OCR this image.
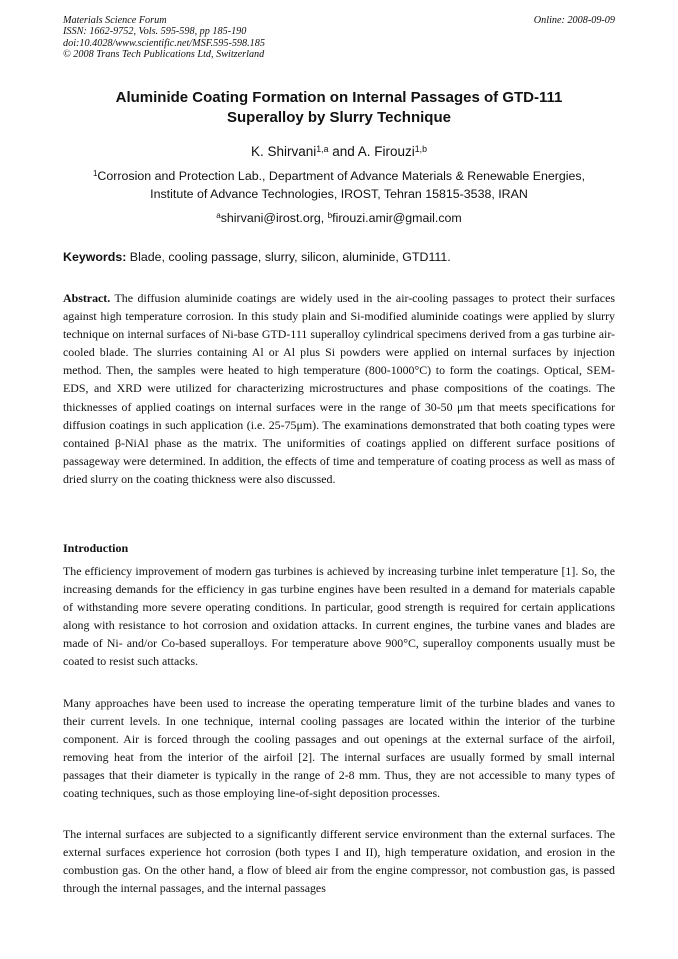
Materials Science Forum
ISSN: 1662-9752, Vols. 595-598, pp 185-190
doi:10.4028/www.scientific.net/MSF.595-598.185
© 2008 Trans Tech Publications Ltd, Switzerland
Online: 2008-09-09
Aluminide Coating Formation on Internal Passages of GTD-111
Superalloy by Slurry Technique
K. Shirvani$^{1,a}$ and A. Firouzi$^{1,b}$
$^1$Corrosion and Protection Lab., Department of Advance Materials & Renewable Energies,
Institute of Advance Technologies, IROST, Tehran 15815-3538, IRAN
$^a$shirvani@irost.org, $^b$firouzi.amir@gmail.com
Keywords: Blade, cooling passage, slurry, silicon, aluminide, GTD111.
Abstract. The diffusion aluminide coatings are widely used in the air-cooling passages to protect their surfaces against high temperature corrosion. In this study plain and Si-modified aluminide coatings were applied by slurry technique on internal surfaces of Ni-base GTD-111 superalloy cylindrical specimens derived from a gas turbine air-cooled blade. The slurries containing Al or Al plus Si powders were applied on internal surfaces by injection method. Then, the samples were heated to high temperature (800-1000°C) to form the coatings. Optical, SEM-EDS, and XRD were utilized for characterizing microstructures and phase compositions of the coatings. The thicknesses of applied coatings on internal surfaces were in the range of 30-50 μm that meets specifications for diffusion coatings in such application (i.e. 25-75μm). The examinations demonstrated that both coating types were contained β-NiAl phase as the matrix. The uniformities of coatings applied on different surface positions of passageway were determined. In addition, the effects of time and temperature of coating process as well as mass of dried slurry on the coating thickness were also discussed.
Introduction
The efficiency improvement of modern gas turbines is achieved by increasing turbine inlet temperature [1]. So, the increasing demands for the efficiency in gas turbine engines have been resulted in a demand for materials capable of withstanding more severe operating conditions. In particular, good strength is required for certain applications along with resistance to hot corrosion and oxidation attacks. In current engines, the turbine vanes and blades are made of Ni- and/or Co-based superalloys. For temperature above 900°C, superalloy components usually must be coated to resist such attacks.
Many approaches have been used to increase the operating temperature limit of the turbine blades and vanes to their current levels. In one technique, internal cooling passages are located within the interior of the turbine component. Air is forced through the cooling passages and out openings at the external surface of the airfoil, removing heat from the interior of the airfoil [2]. The internal surfaces are usually formed by small internal passages that their diameter is typically in the range of 2-8 mm. Thus, they are not accessible to many types of coating techniques, such as those employing line-of-sight deposition processes.
The internal surfaces are subjected to a significantly different service environment than the external surfaces. The external surfaces experience hot corrosion (both types I and II), high temperature oxidation, and erosion in the combustion gas. On the other hand, a flow of bleed air from the engine compressor, not combustion gas, is passed through the internal passages, and the internal passages
